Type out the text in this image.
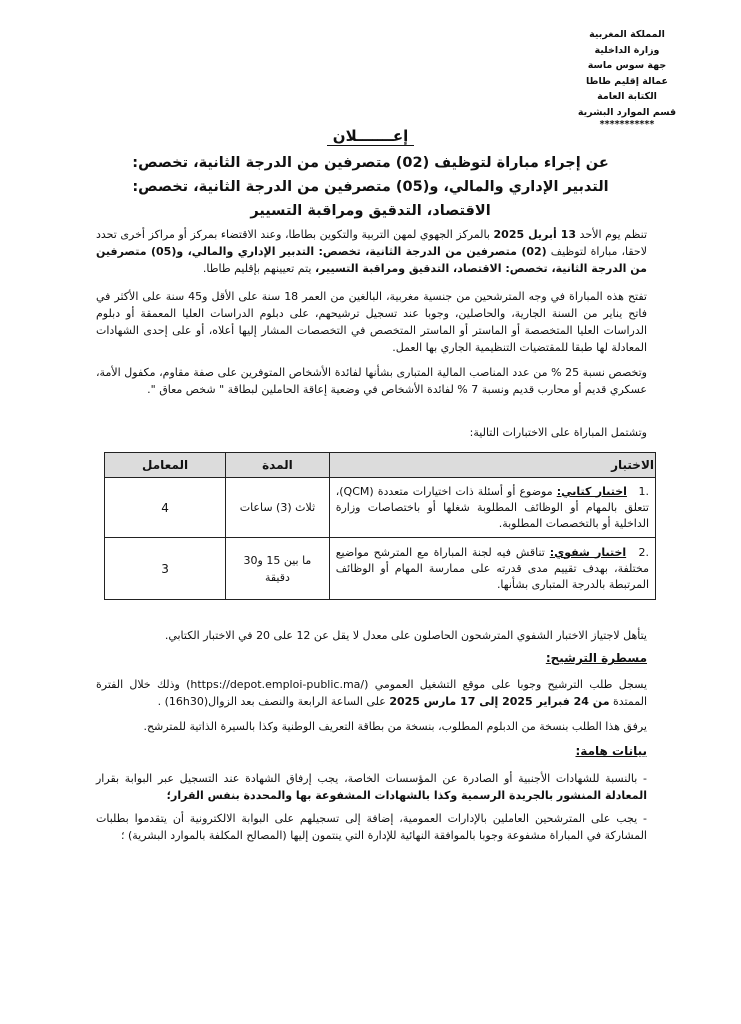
المملكة المغربية
وزارة الداخلية
جهة سوس ماسة
عمالة إقليم طاطا
الكتابة العامة
قسم الموارد البشرية
***********
إعـــــــلان
عن إجراء مباراة لتوظيف (02) متصرفين من الدرجة الثانية، تخصص: التدبير الإداري والمالي، و(05) متصرفين من الدرجة الثانية، تخصص: الاقتصاد، التدقيق ومراقبة التسيير
تنظم يوم الأحد 13 أبريل 2025 بالمركز الجهوي لمهن التربية والتكوين بطاطا، وعند الاقتضاء بمركز أو مراكز أخرى تحدد لاحقا، مباراة لتوظيف (02) متصرفين من الدرجة الثانية، تخصص: التدبير الإداري والمالي، و(05) متصرفين من الدرجة الثانية، تخصص: الاقتصاد، التدقيق ومراقبة التسيير، يتم تعيينهم بإقليم طاطا.
تفتح هذه المباراة في وجه المترشحين من جنسية مغربية، البالغين من العمر 18 سنة على الأقل و45 سنة على الأكثر في فاتح يناير من السنة الجارية، والحاصلين، وجوبا عند تسجيل ترشيحهم، على دبلوم الدراسات العليا المعمقة أو دبلوم الدراسات العليا المتخصصة أو الماستر أو الماستر المتخصص في التخصصات المشار إليها أعلاه، أو على إحدى الشهادات المعادلة لها طبقا للمقتضيات التنظيمية الجاري بها العمل.
وتخصص نسبة 25 % من عدد المناصب المالية المتبارى بشأنها لفائدة الأشخاص المتوفرين على صفة مقاوم، مكفول الأمة، عسكري قديم أو محارب قديم ونسبة 7 % لفائدة الأشخاص في وضعية إعاقة الحاملين لبطاقة " شخص معاق ".
وتشتمل المباراة على الاختبارات التالية:
الاختبار	المدة	المعامل
.1 اختبار كتابي: موضوع أو أسئلة ذات اختيارات متعددة (QCM)، تتعلق بالمهام أو الوظائف المطلوبة شغلها أو باختصاصات وزارة الداخلية أو بالتخصصات المطلوبة.	ثلاث (3) ساعات	4
.2 اختبار شفوي: تناقش فيه لجنة المباراة مع المترشح مواضيع مختلفة، بهدف تقييم مدى قدرته على ممارسة المهام أو الوظائف المرتبطة بالدرجة المتبارى بشأنها.	ما بين 15 و30 دقيقة	3
يتأهل لاجتياز الاختبار الشفوي المترشحون الحاصلون على معدل لا يقل عن 12 على 20 في الاختبار الكتابي.
مسطرة الترشيح:
يسجل طلب الترشيح وجوبا على موقع التشغيل العمومي (https://depot.emploi-public.ma/) وذلك خلال الفترة الممتدة من 24 فبراير 2025 إلى 17 مارس 2025 على الساعة الرابعة والنصف بعد الزوال(16h30) .
يرفق هذا الطلب بنسخة من الدبلوم المطلوب، بنسخة من بطاقة التعريف الوطنية وكذا بالسيرة الذاتية للمترشح.
بيانات هامة:
- بالنسبة للشهادات الأجنبية أو الصادرة عن المؤسسات الخاصة، يجب إرفاق الشهادة عند التسجيل عبر البوابة بقرار المعادلة المنشور بالجريدة الرسمية وكذا بالشهادات المشفوعة بها والمحددة بنفس القرار؛
- يجب على المترشحين العاملين بالإدارات العمومية، إضافة إلى تسجيلهم على البوابة الالكترونية أن يتقدموا بطلبات المشاركة في المباراة مشفوعة وجوبا بالموافقة النهائية للإدارة التي ينتمون إليها (المصالح المكلفة بالموارد البشرية) ؛
